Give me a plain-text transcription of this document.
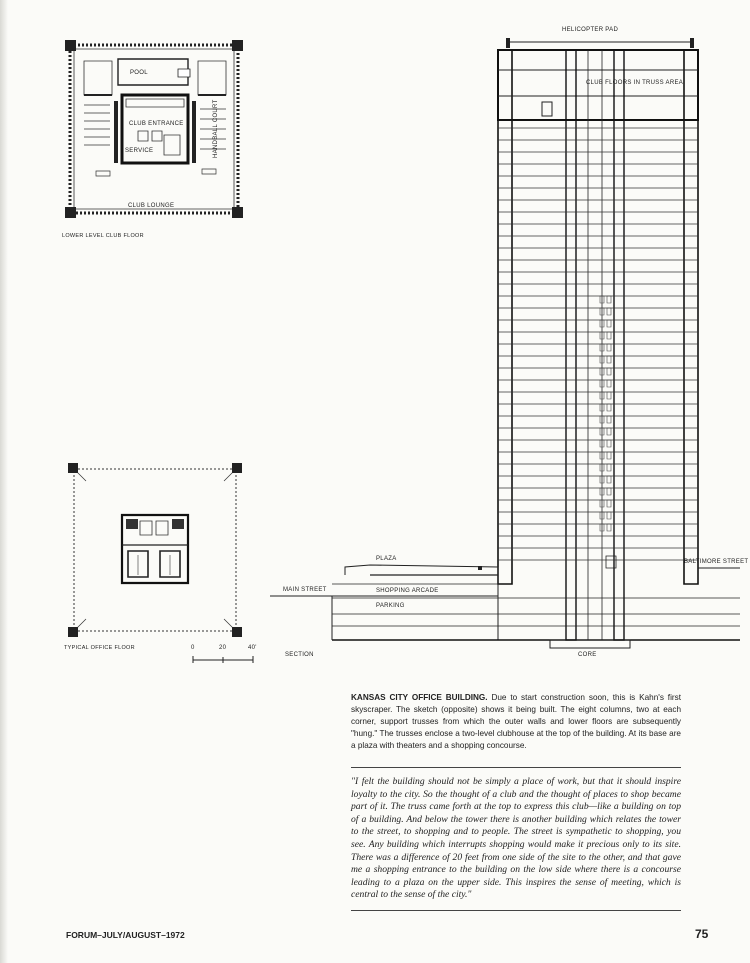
POOL
CLUB ENTRANCE
SERVICE	HANDBALL COURT
CLUB LOUNGE
LOWER LEVEL CLUB FLOOR
TYPICAL OFFICE FLOOR	0	20	40'
HELICOPTER PAD
CLUB FLOORS IN TRUSS AREA
BALTIMORE STREET
PLAZA
MAIN STREET	SHOPPING ARCADE
PARKING
SECTION	CORE
KANSAS CITY OFFICE BUILDING. Due to start construction soon, this is Kahn's first skyscraper. The sketch (opposite) shows it being built. The eight columns, two at each corner, support trusses from which the outer walls and lower floors are subsequently "hung." The trusses enclose a two-level clubhouse at the top of the building. At its base are a plaza with theaters and a shopping concourse.
"I felt the building should not be simply a place of work, but that it should inspire loyalty to the city. So the thought of a club and the thought of places to shop became part of it. The truss came forth at the top to express this club—like a building on top of a building. And below the tower there is another building which relates the tower to the street, to shopping and to people. The street is sympathetic to shopping, you see. Any building which interrupts shopping would make it precious only to its site. There was a difference of 20 feet from one side of the site to the other, and that gave me a shopping entrance to the building on the low side where there is a concourse leading to a plaza on the upper side. This inspires the sense of meeting, which is central to the sense of the city."
FORUM–JULY/AUGUST–1972	75
